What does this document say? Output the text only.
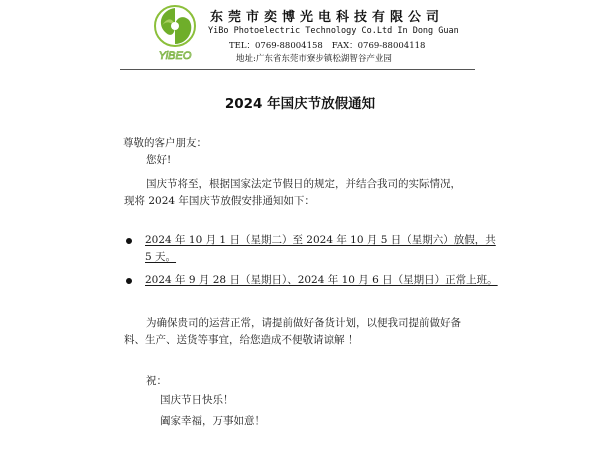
YiBEO
东莞市奕博光电科技有限公司
YiBo Photoelectric Technology Co.Ltd In Dong Guan
TEL：0769-88004158 FAX：0769-88004118
地址:广东省东莞市寮步镇松湖智谷产业园
2024 年国庆节放假通知
尊敬的客户朋友：
您好!
国庆节将至，根据国家法定节假日的规定，并结合我司的实际情况，
现将 2024 年国庆节放假安排通知如下：
2024 年 10 月 1 日（星期二）至 2024 年 10 月 5 日（星期六）放假，共
5 天。
2024 年 9 月 28 日（星期日）、2024 年 10 月 6 日（星期日）正常上班。
为确保贵司的运营正常，请提前做好备货计划，以便我司提前做好备
料、生产、送货等事宜，给您造成不便敬请谅解 ！
祝：
国庆节日快乐！
阖家幸福，万事如意！
